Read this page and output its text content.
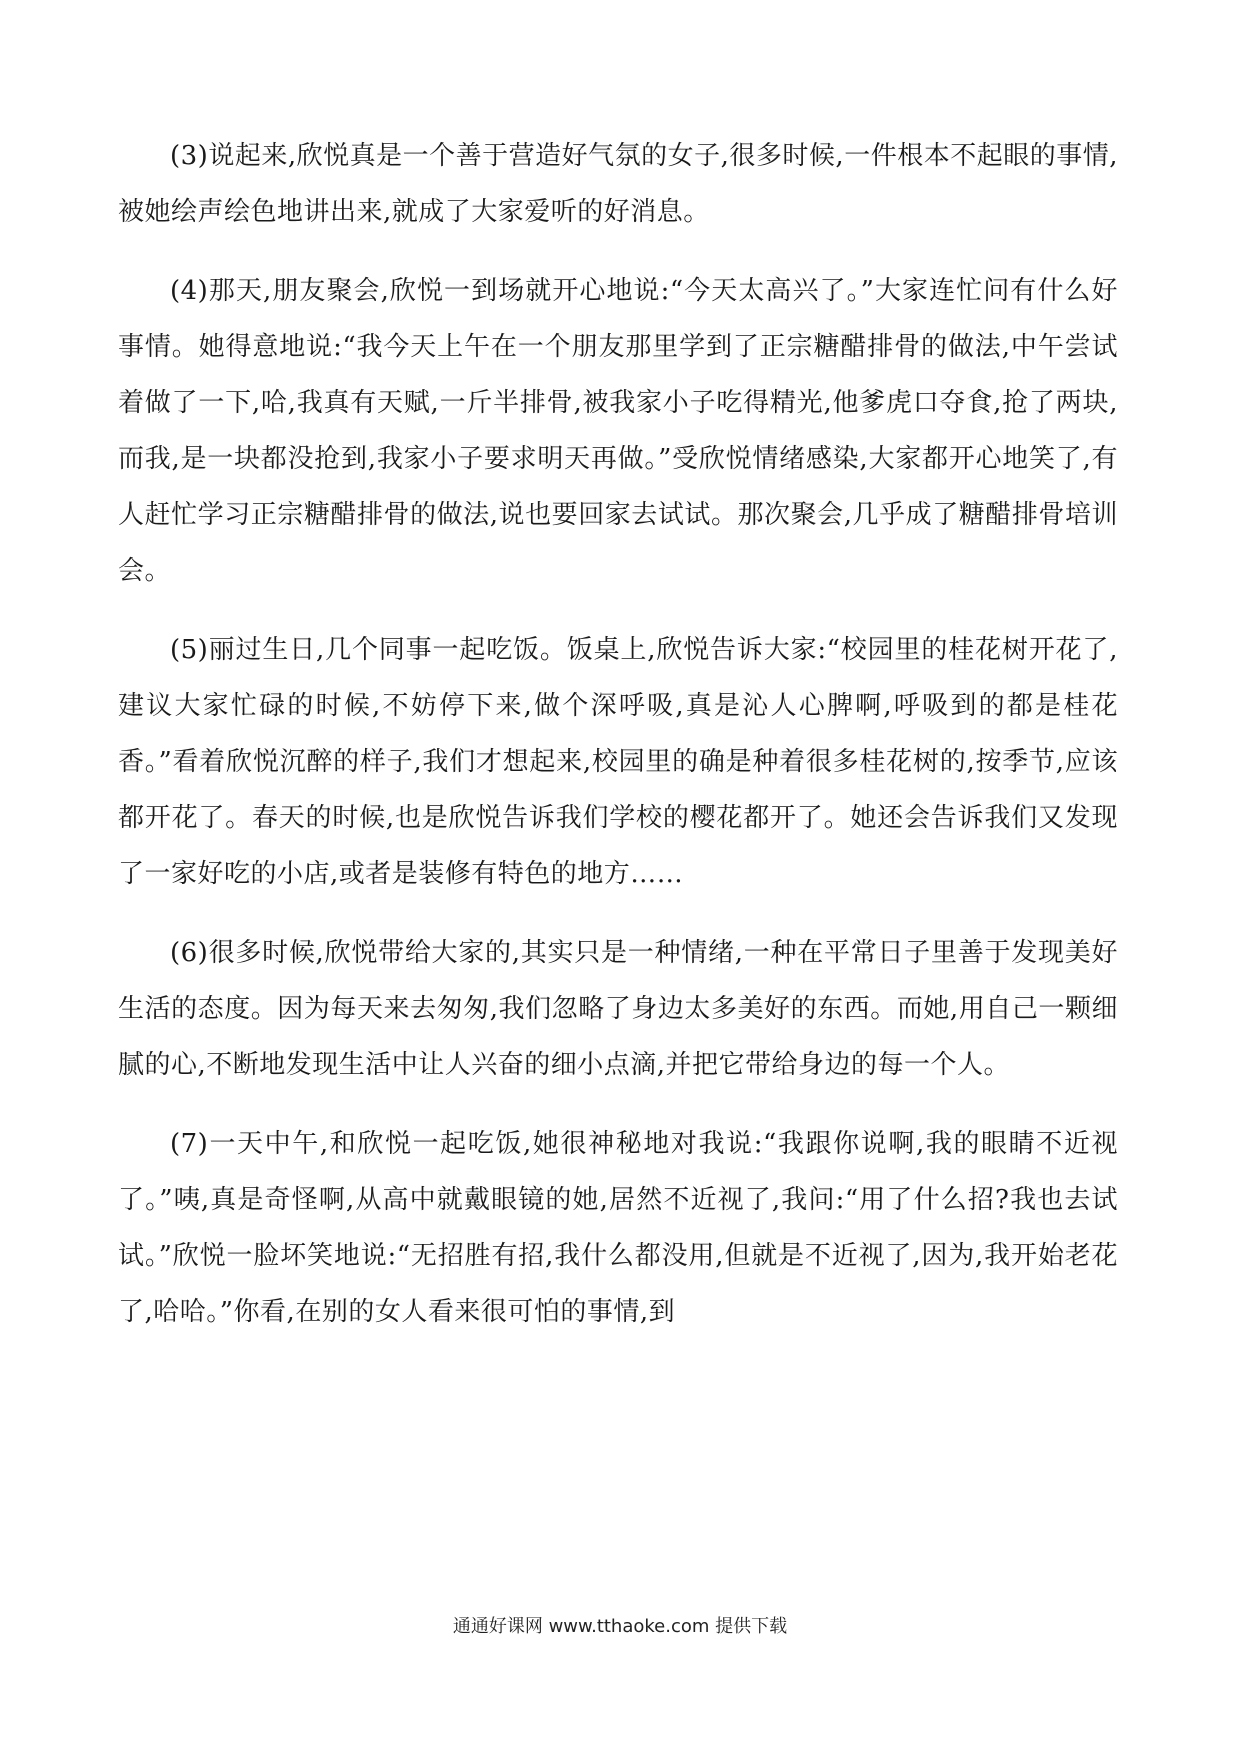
(3)说起来,欣悦真是一个善于营造好气氛的女子,很多时候,一件根本不起眼的事情,被她绘声绘色地讲出来,就成了大家爱听的好消息。

(4)那天,朋友聚会,欣悦一到场就开心地说:“今天太高兴了。”大家连忙问有什么好事情。她得意地说:“我今天上午在一个朋友那里学到了正宗糖醋排骨的做法,中午尝试着做了一下,哈,我真有天赋,一斤半排骨,被我家小子吃得精光,他爹虎口夺食,抢了两块,而我,是一块都没抢到,我家小子要求明天再做。”受欣悦情绪感染,大家都开心地笑了,有人赶忙学习正宗糖醋排骨的做法,说也要回家去试试。那次聚会,几乎成了糖醋排骨培训会。

(5)丽过生日,几个同事一起吃饭。饭桌上,欣悦告诉大家:“校园里的桂花树开花了,建议大家忙碌的时候,不妨停下来,做个深呼吸,真是沁人心脾啊,呼吸到的都是桂花香。”看着欣悦沉醉的样子,我们才想起来,校园里的确是种着很多桂花树的,按季节,应该都开花了。春天的时候,也是欣悦告诉我们学校的樱花都开了。她还会告诉我们又发现了一家好吃的小店,或者是装修有特色的地方……

(6)很多时候,欣悦带给大家的,其实只是一种情绪,一种在平常日子里善于发现美好生活的态度。因为每天来去匆匆,我们忽略了身边太多美好的东西。而她,用自己一颗细腻的心,不断地发现生活中让人兴奋的细小点滴,并把它带给身边的每一个人。

(7)一天中午,和欣悦一起吃饭,她很神秘地对我说:“我跟你说啊,我的眼睛不近视了。”咦,真是奇怪啊,从高中就戴眼镜的她,居然不近视了,我问:“用了什么招?我也去试试。”欣悦一脸坏笑地说:“无招胜有招,我什么都没用,但就是不近视了,因为,我开始老花了,哈哈。”你看,在别的女人看来很可怕的事情,到

通通好课网 www.tthaoke.com 提供下载
